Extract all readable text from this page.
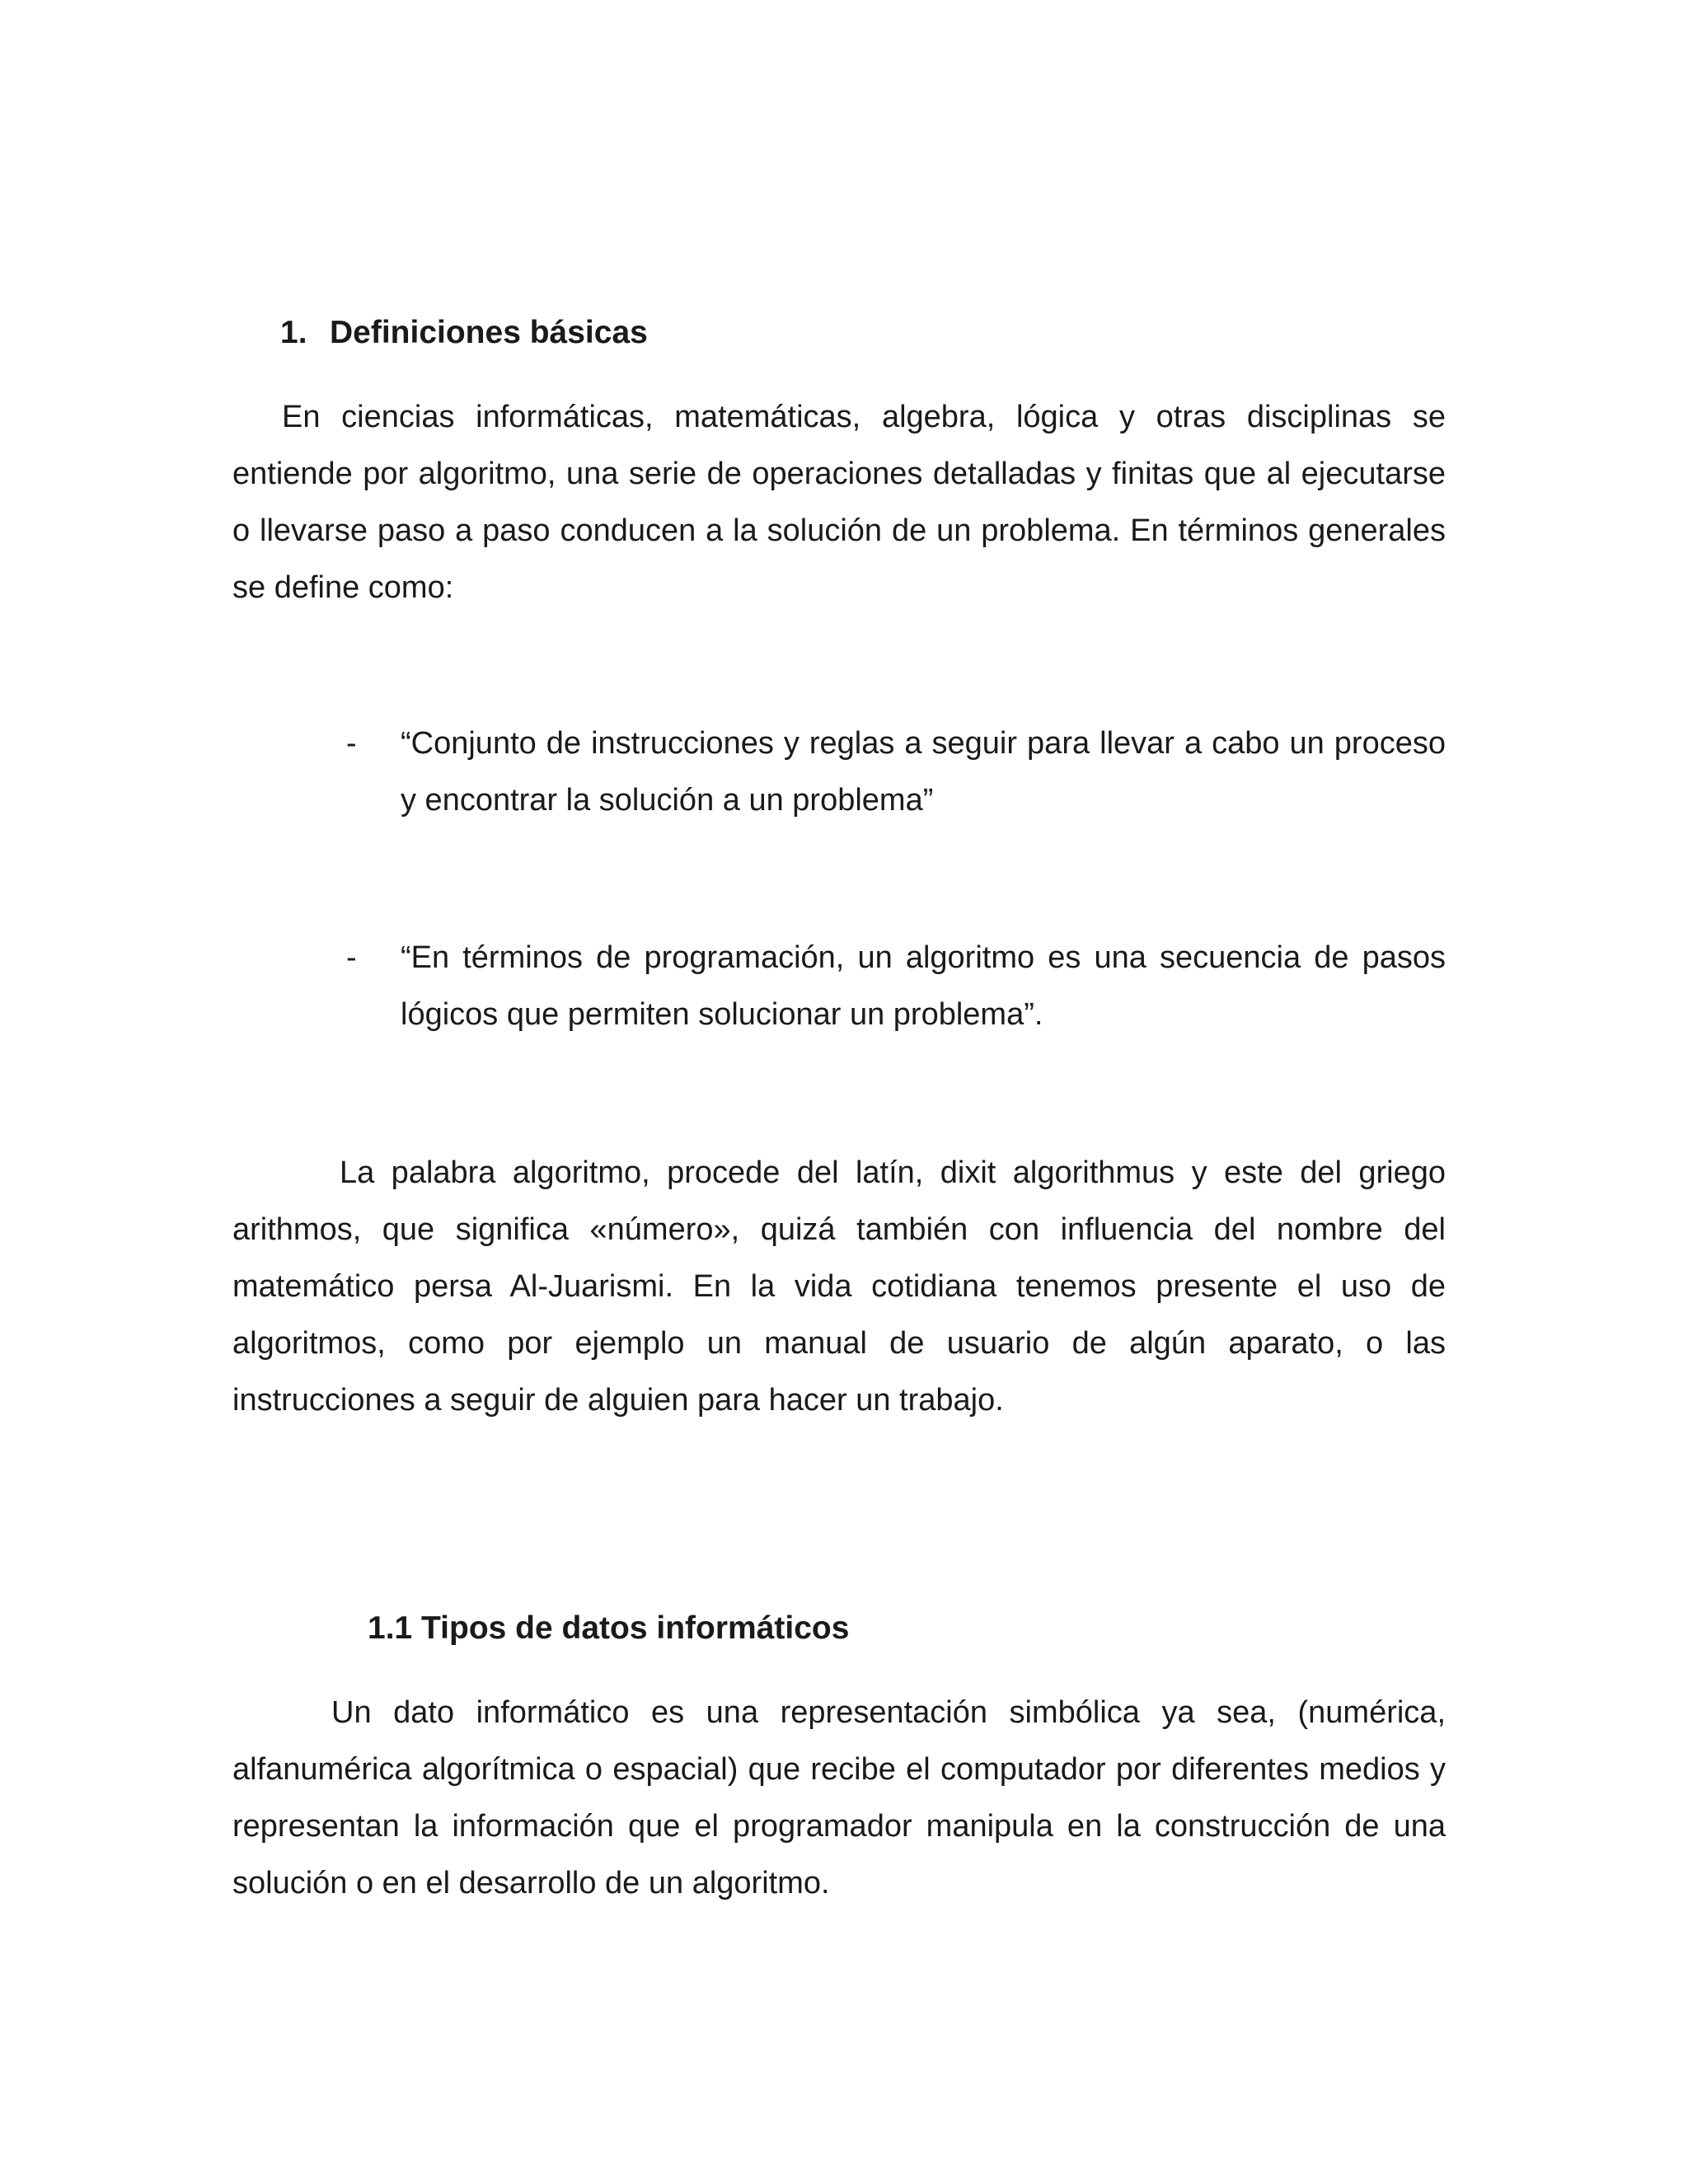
1. Definiciones básicas

En ciencias informáticas, matemáticas, algebra, lógica y otras disciplinas se entiende por algoritmo, una serie de operaciones detalladas y finitas que al ejecutarse o llevarse paso a paso conducen a la solución de un problema. En términos generales se define como:

- “Conjunto de instrucciones y reglas a seguir para llevar a cabo un proceso y encontrar la solución a un problema”
- “En términos de programación, un algoritmo es una secuencia de pasos lógicos que permiten solucionar un problema”.

La palabra algoritmo, procede del latín, dixit algorithmus y este del griego arithmos, que significa «número», quizá también con influencia del nombre del matemático persa Al-Juarismi. En la vida cotidiana tenemos presente el uso de algoritmos, como por ejemplo un manual de usuario de algún aparato, o las instrucciones a seguir de alguien para hacer un trabajo.

1.1 Tipos de datos informáticos

Un dato informático es una representación simbólica ya sea, (numérica, alfanumérica algorítmica o espacial) que recibe el computador por diferentes medios y representan la información que el programador manipula en la construcción de una solución o en el desarrollo de un algoritmo.
